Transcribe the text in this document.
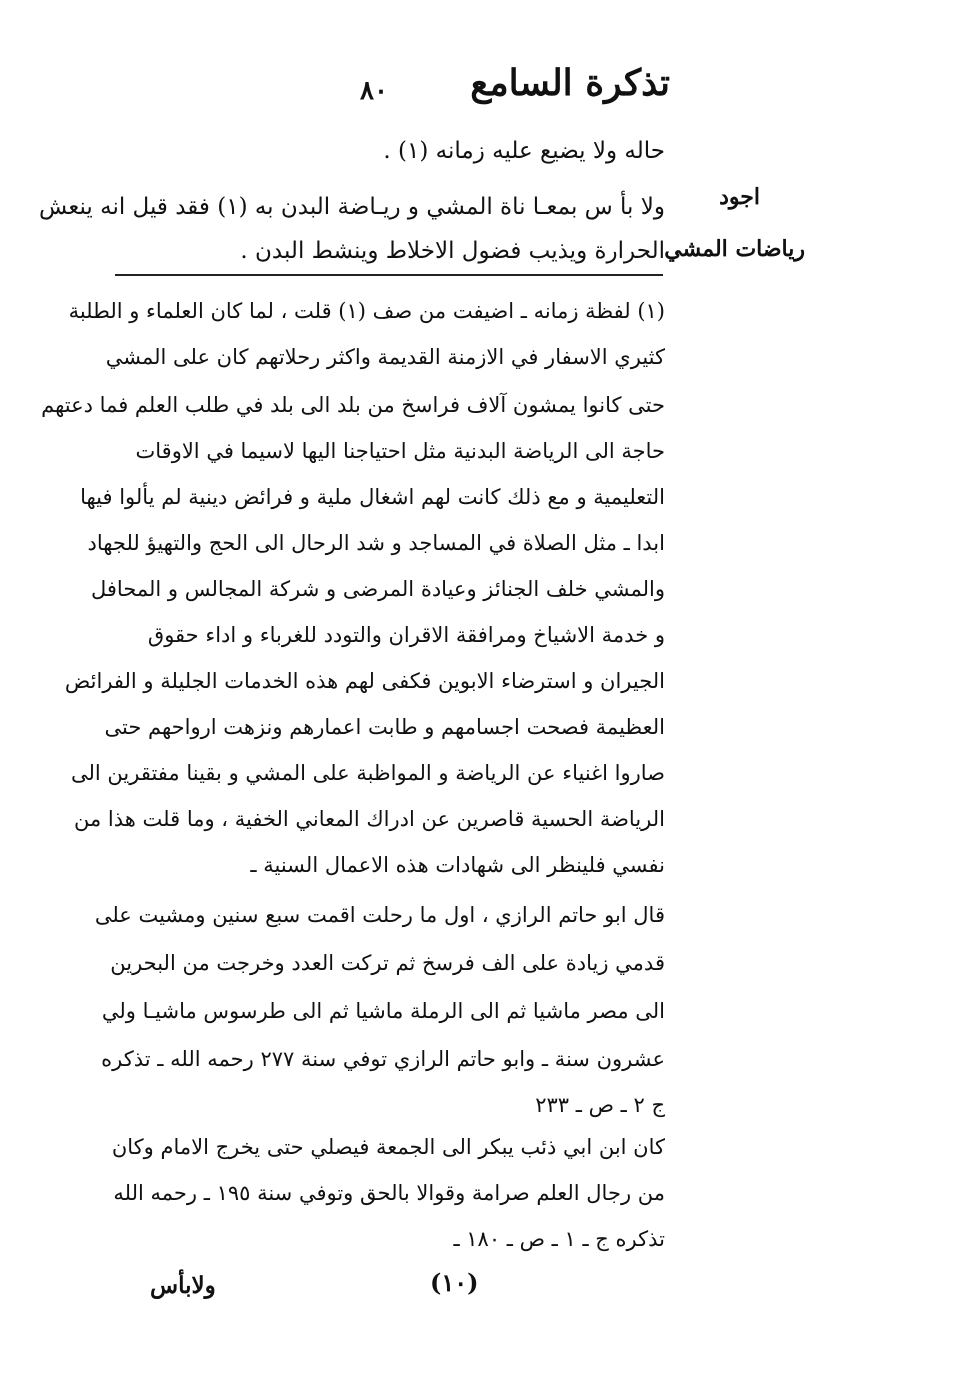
تذكرة السامع
٨٠
حاله ولا يضيع عليه زمانه (١) .
اجود
ولا بأ س بمعـا ناة المشي و ريـاضة البدن به (١) فقد قيل انه ينعش
رياضات المشي
الحرارة ويذيب فضول الاخلاط وينشط البدن .
(١) لفظة زمانه ـ اضيفت من صف (١) قلت ، لما كان العلماء و الطلبة
كثيري الاسفار في الازمنة القديمة واكثر رحلاتهم كان على المشي
حتى كانوا يمشون آلاف فراسخ من بلد الى بلد في طلب العلم فما دعتهم
حاجة الى الرياضة البدنية مثل احتياجنا اليها لاسيما في الاوقات
التعليمية و مع ذلك كانت لهم اشغال ملية و فرائض دينية لم يألوا فيها
ابدا ـ مثل الصلاة في المساجد و شد الرحال الى الحج والتهيؤ للجهاد
والمشي خلف الجنائز وعيادة المرضى و شركة المجالس و المحافل
و خدمة الاشياخ ومرافقة الاقران والتودد للغرباء و اداء حقوق
الجيران و استرضاء الابوين فكفى لهم هذه الخدمات الجليلة و الفرائض
العظيمة فصحت اجسامهم و طابت اعمارهم ونزهت ارواحهم حتى
صاروا اغنياء عن الرياضة و المواظبة على المشي و بقينا مفتقرين الى
الرياضة الحسية قاصرين عن ادراك المعاني الخفية ، وما قلت هذا من
نفسي فلينظر الى شهادات هذه الاعمال السنية ـ
قال ابو حاتم الرازي ، اول ما رحلت اقمت سبع سنين ومشيت على
قدمي زيادة على الف فرسخ ثم تركت العدد وخرجت من البحرين
الى مصر ماشيا ثم الى الرملة ماشيا ثم الى طرسوس ماشيـا ولي
عشرون سنة ـ وابو حاتم الرازي توفي سنة ٢٧٧ رحمه الله ـ تذكره
ج ٢ ـ ص ـ ٢٣٣
كان ابن ابي ذئب يبكر الى الجمعة فيصلي حتى يخرج الامام وكان
من رجال العلم صرامة وقوالا بالحق وتوفي سنة ١٩٥ ـ رحمه الله
تذكره ج ـ ١ ـ ص ـ ١٨٠ ـ
(١٠)
ولابأس
